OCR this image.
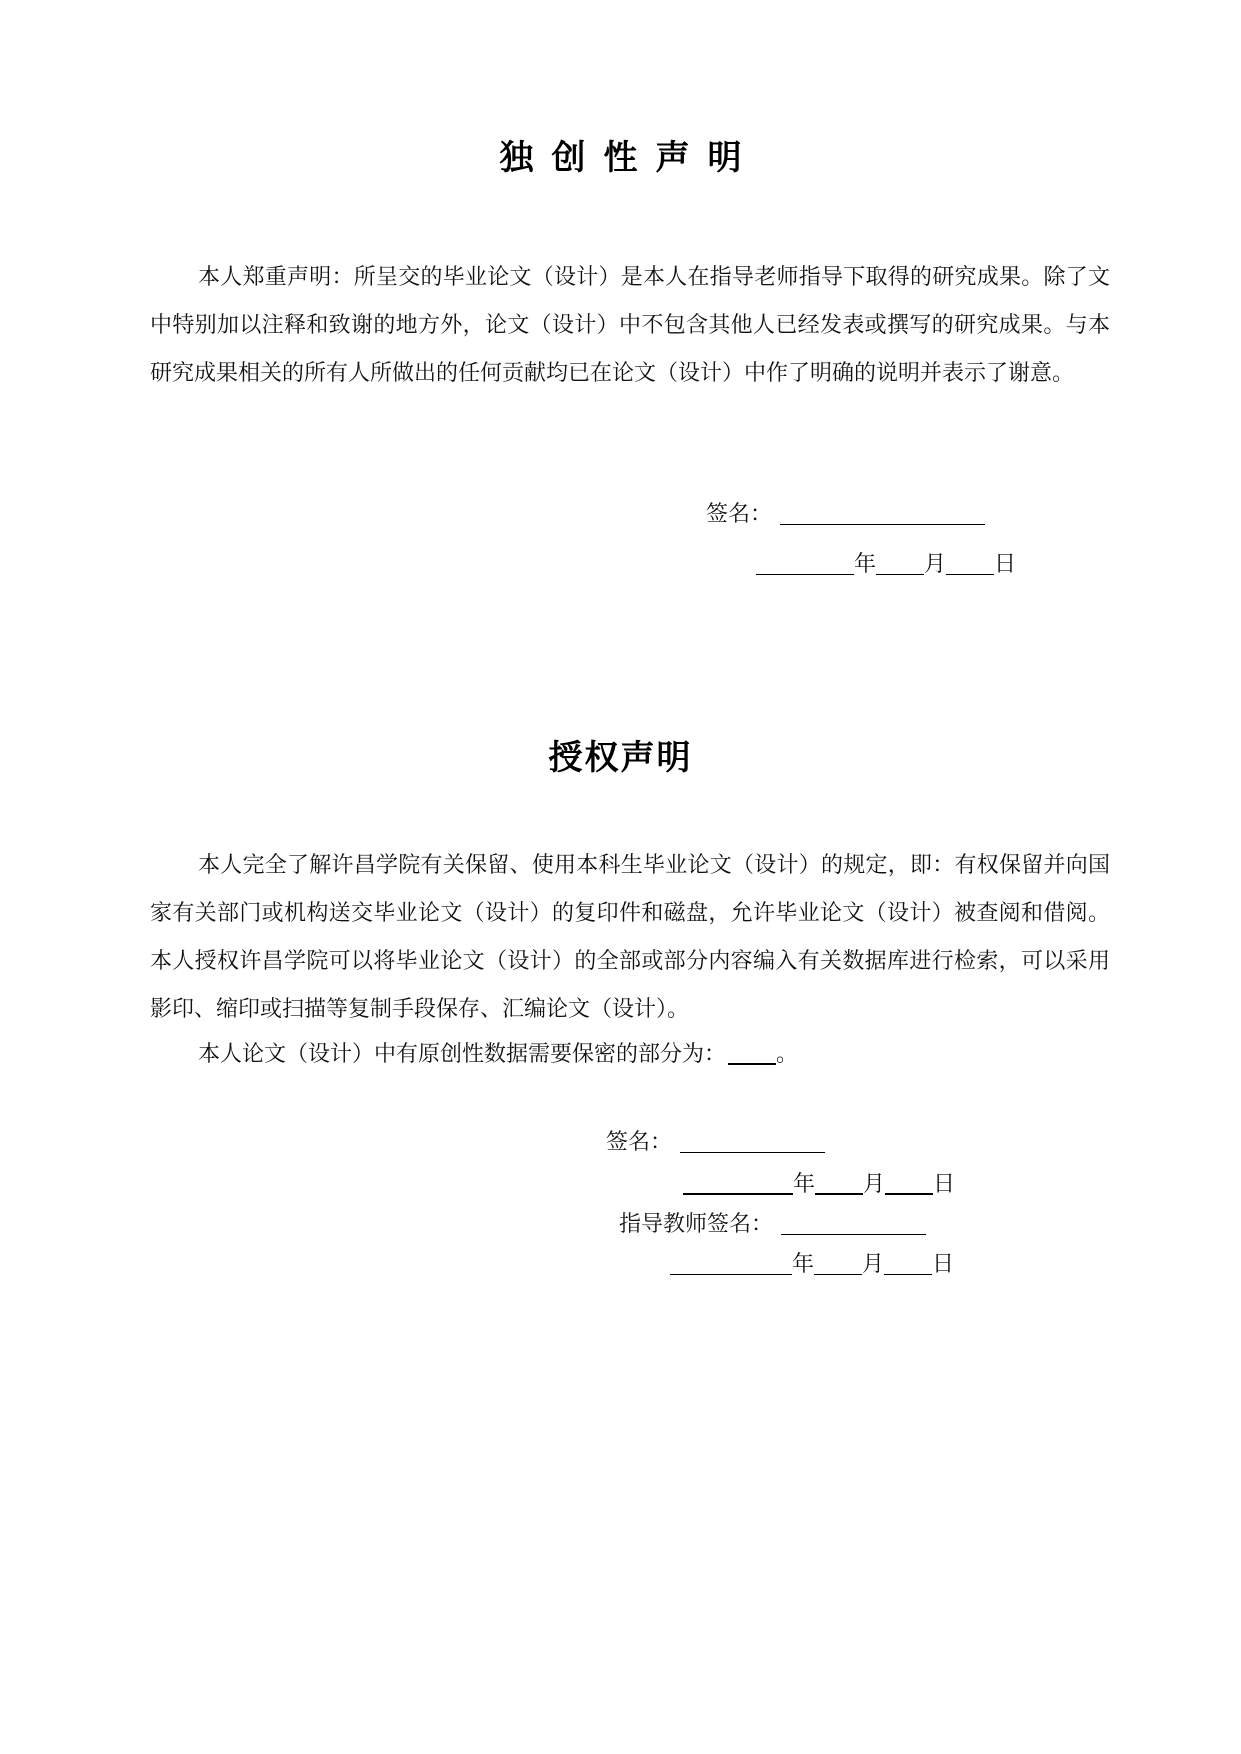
独创性声明

本人郑重声明：所呈交的毕业论文（设计）是本人在指导老师指导下取得的研究成果。除了文中特别加以注释和致谢的地方外，论文（设计）中不包含其他人已经发表或撰写的研究成果。与本研究成果相关的所有人所做出的任何贡献均已在论文（设计）中作了明确的说明并表示了谢意。

签名：
年 月 日
授权声明

本人完全了解许昌学院有关保留、使用本科生毕业论文（设计）的规定，即：有权保留并向国家有关部门或机构送交毕业论文（设计）的复印件和磁盘，允许毕业论文（设计）被查阅和借阅。本人授权许昌学院可以将毕业论文（设计）的全部或部分内容编入有关数据库进行检索，可以采用影印、缩印或扫描等复制手段保存、汇编论文（设计）。

本人论文（设计）中有原创性数据需要保密的部分为： 。
签名：
年 月 日
指导教师签名：
年 月 日
